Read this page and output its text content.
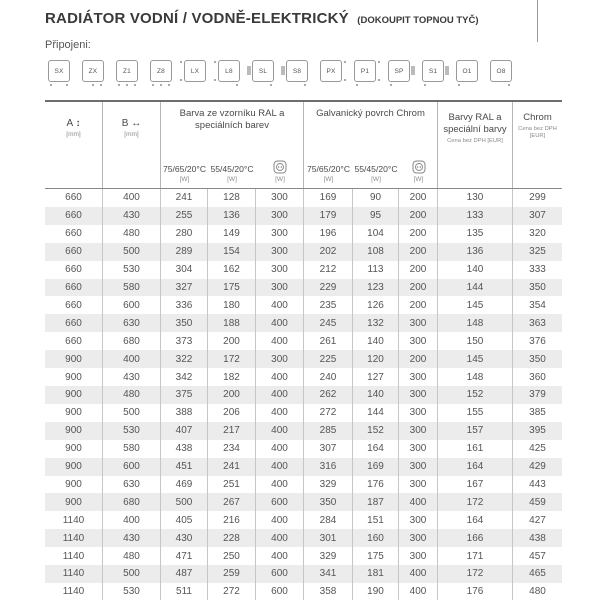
RADIÁTOR VODNÍ / VODNĚ-ELEKTRICKÝ (DOKOUPIT TOPNOU TYČ)
Připojeni:
SX	ZX	Z1	Z8	LX	L8	SL	S8	PX	P1	SP	S1	O1	O8
A ↕
[mm]
B ↔
[mm]
Barva ze vzorníku RAL a speciálních barev
75/65/20°C
[W]
55/45/20°C
[W]	[W]
Galvanický povrch Chrom
75/65/20°C
[W]
55/45/20°C
[W]	[W]
Barvy RAL a speciální barvy
Cena bez DPH [EUR]
Chrom
Cena bez DPH [EUR]
660	400	241	128	300	169	90	200	130	299
660	430	255	136	300	179	95	200	133	307
660	480	280	149	300	196	104	200	135	320
660	500	289	154	300	202	108	200	136	325
660	530	304	162	300	212	113	200	140	333
660	580	327	175	300	229	123	200	144	350
660	600	336	180	400	235	126	200	145	354
660	630	350	188	400	245	132	300	148	363
660	680	373	200	400	261	140	300	150	376
900	400	322	172	300	225	120	200	145	350
900	430	342	182	400	240	127	300	148	360
900	480	375	200	400	262	140	300	152	379
900	500	388	206	400	272	144	300	155	385
900	530	407	217	400	285	152	300	157	395
900	580	438	234	400	307	164	300	161	425
900	600	451	241	400	316	169	300	164	429
900	630	469	251	400	329	176	300	167	443
900	680	500	267	600	350	187	400	172	459
1140	400	405	216	400	284	151	300	164	427
1140	430	430	228	400	301	160	300	166	438
1140	480	471	250	400	329	175	300	171	457
1140	500	487	259	600	341	181	400	172	465
1140	530	511	272	600	358	190	400	176	480
